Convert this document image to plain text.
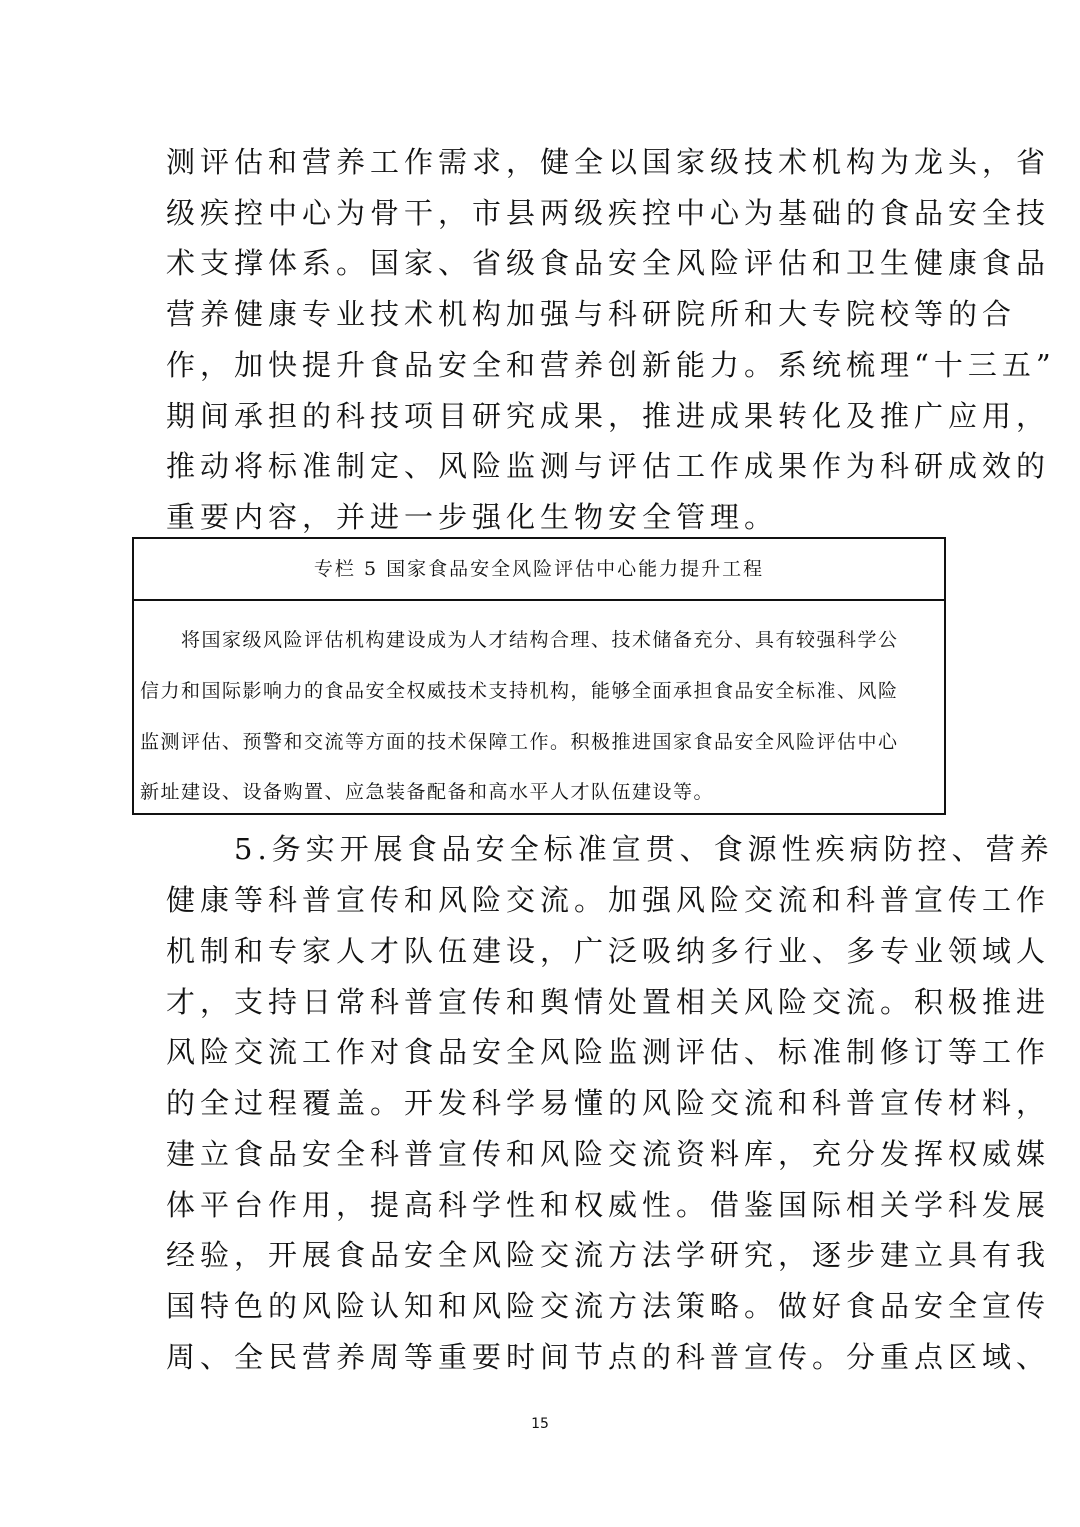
测评估和营养工作需求，健全以国家级技术机构为龙头，省
级疾控中心为骨干，市县两级疾控中心为基础的食品安全技
术支撑体系。国家、省级食品安全风险评估和卫生健康食品
营养健康专业技术机构加强与科研院所和大专院校等的合
作，加快提升食品安全和营养创新能力。系统梳理“十三五”
期间承担的科技项目研究成果，推进成果转化及推广应用，
推动将标准制定、风险监测与评估工作成果作为科研成效的
重要内容，并进一步强化生物安全管理。
专栏 5 国家食品安全风险评估中心能力提升工程
　　将国家级风险评估机构建设成为人才结构合理、技术储备充分、具有较强科学公
信力和国际影响力的食品安全权威技术支持机构，能够全面承担食品安全标准、风险
监测评估、预警和交流等方面的技术保障工作。积极推进国家食品安全风险评估中心
新址建设、设备购置、应急装备配备和高水平人才队伍建设等。
　　5.务实开展食品安全标准宣贯、食源性疾病防控、营养
健康等科普宣传和风险交流。加强风险交流和科普宣传工作
机制和专家人才队伍建设，广泛吸纳多行业、多专业领域人
才，支持日常科普宣传和舆情处置相关风险交流。积极推进
风险交流工作对食品安全风险监测评估、标准制修订等工作
的全过程覆盖。开发科学易懂的风险交流和科普宣传材料，
建立食品安全科普宣传和风险交流资料库，充分发挥权威媒
体平台作用，提高科学性和权威性。借鉴国际相关学科发展
经验，开展食品安全风险交流方法学研究，逐步建立具有我
国特色的风险认知和风险交流方法策略。做好食品安全宣传
周、全民营养周等重要时间节点的科普宣传。分重点区域、
15
